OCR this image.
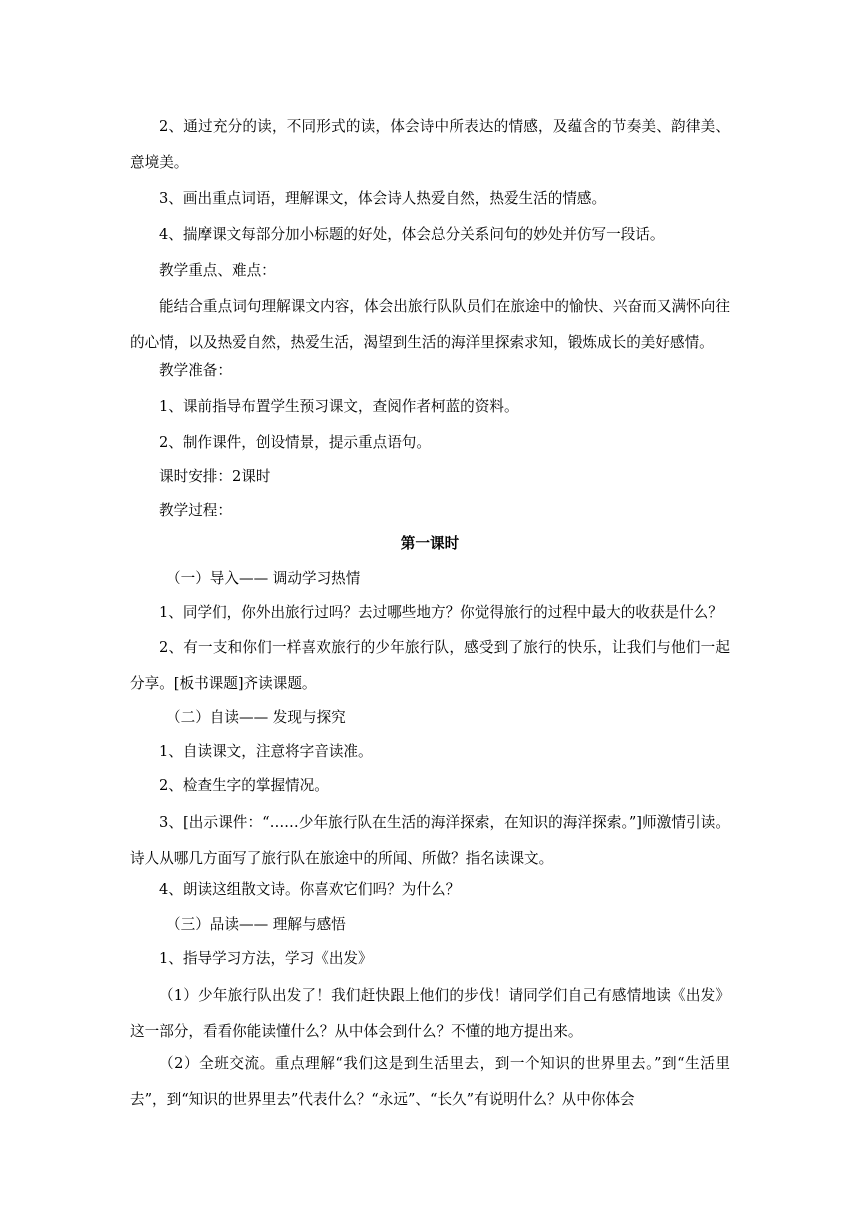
2、通过充分的读，不同形式的读，体会诗中所表达的情感，及蕴含的节奏美、韵律美、意境美。
3、画出重点词语，理解课文，体会诗人热爱自然，热爱生活的情感。
4、揣摩课文每部分加小标题的好处，体会总分关系问句的妙处并仿写一段话。
教学重点、难点：
能结合重点词句理解课文内容，体会出旅行队队员们在旅途中的愉快、兴奋而又满怀向往的心情，以及热爱自然，热爱生活，渴望到生活的海洋里探索求知，锻炼成长的美好感情。
教学准备：
1、课前指导布置学生预习课文，查阅作者柯蓝的资料。
2、制作课件，创设情景，提示重点语句。
课时安排：2课时
教学过程：
第一课时
（一）导入—— 调动学习热情
1、同学们，你外出旅行过吗？去过哪些地方？你觉得旅行的过程中最大的收获是什么？
2、有一支和你们一样喜欢旅行的少年旅行队，感受到了旅行的快乐，让我们与他们一起分享。[板书课题]齐读课题。
（二）自读—— 发现与探究
1、自读课文，注意将字音读准。
2、检查生字的掌握情况。
3、[出示课件：“……少年旅行队在生活的海洋探索，在知识的海洋探索。”]师激情引读。诗人从哪几方面写了旅行队在旅途中的所闻、所做？指名读课文。
4、朗读这组散文诗。你喜欢它们吗？为什么？
（三）品读—— 理解与感悟
1、指导学习方法，学习《出发》
（1）少年旅行队出发了！我们赶快跟上他们的步伐！请同学们自己有感情地读《出发》这一部分，看看你能读懂什么？从中体会到什么？不懂的地方提出来。
（2）全班交流。重点理解“我们这是到生活里去，到一个知识的世界里去。”到“生活里去”，到“知识的世界里去”代表什么？“永远”、“长久”有说明什么？从中你体会
